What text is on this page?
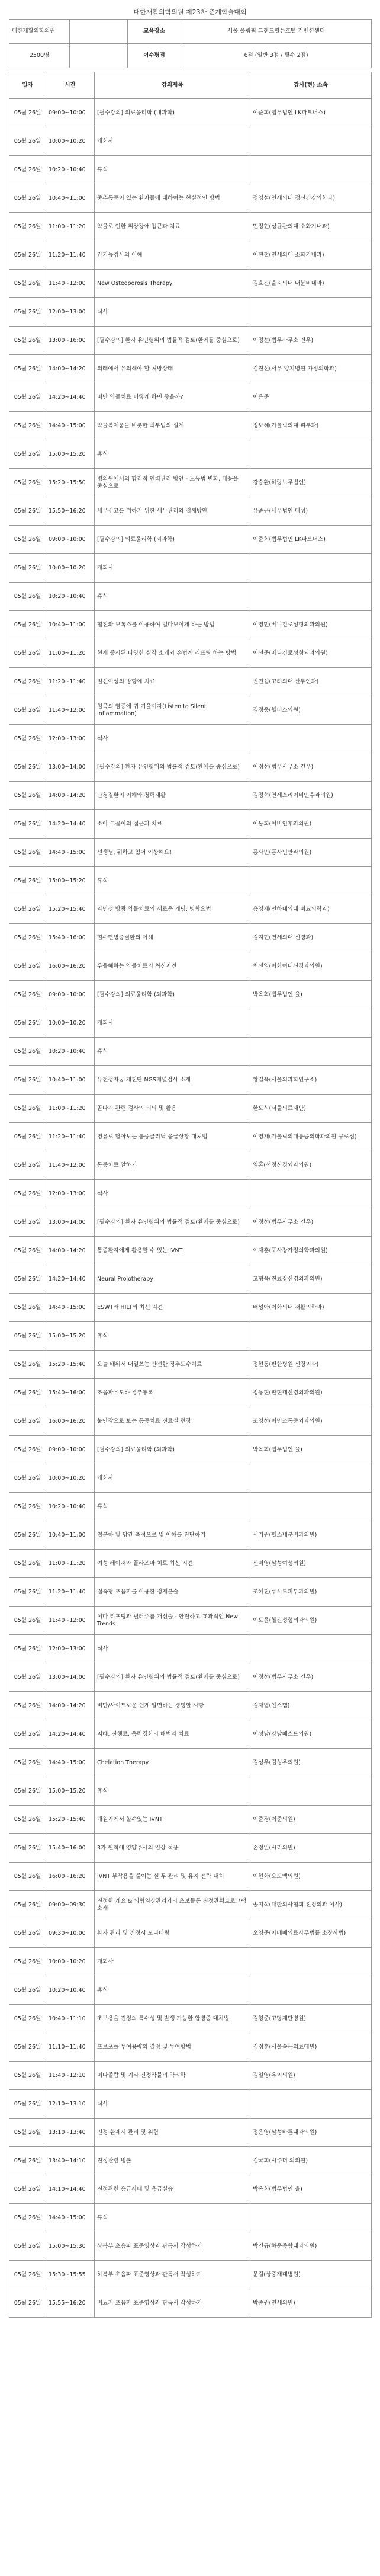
대한재활의학의원 제23차 춘계학술대회
대한재활의학의원		교육장소	서울 올림픽 그랜드힐튼호텔 컨벤션센터
2500명		이수평점	6점 (일반 3점 / 필수 2점)
일자	시간	강의제목	강사(현) 소속
05월 26일	09:00~10:00	[필수강의] 의료윤리학 (내과학)	이준희(법무법인 LK파트너스)
05월 26일	10:00~10:20	개회사	
05월 26일	10:20~10:40	휴식	
05월 26일	10:40~11:00	중추통증이 있는 환자들에 대하여는 현실적인 방법	정영설(연세의대 정신건강의학과)
05월 26일	11:00~11:20	약물로 인한 위장장애 접근과 치료	민정현(성균관의대 소화기내과)
05월 26일	11:20~11:40	간기능검사의 이해	이현철(연세의대 소화기내과)
05월 26일	11:40~12:00	New Osteoporosis Therapy	김효진(울지의대 내분비내과)
05월 26일	12:00~13:00	식사	
05월 26일	13:00~16:00	[필수강의] 환자 유인행위의 법률적 검토(환에를 중심으로)	이정선(법무사무소 건우)
05월 26일	14:00~14:20	외래에서 유의해야 할 처방상태	김진선(서우 양지병원 가정의학과)
05월 26일	14:20~14:40	비만 약물치료 어떻게 하면 좋을까?	이은준
05월 26일	14:40~15:00	약물복제품을 비롯한 최부업의 실제	정보혜(가톨릭의대 피부과)
05월 26일	15:00~15:20	휴식	
05월 26일	15:20~15:50	병의원에서의 합리적 인력관리 방안 - 노동법 변화, 대응을 중심으로	강승환(하랑노무법인)
05월 26일	15:50~16:20	세무신고를 위하기 위한 세무관리와 절세방안	유준근(세무법인 대성)
05월 26일	09:00~10:00	[필수강의] 의료윤리학 (외과학)	이준희(법무법인 LK파트너스)
05월 26일	10:00~10:20	개회사	
05월 26일	10:20~10:40	휴식	
05월 26일	10:40~11:00	협진와 보톡스를 이용하여 얼마보이게 하는 방법	이영민(베니긴로성형외과의원)
05월 26일	11:00~11:20	현재 좋시된 다양한 실각 소개와 손법계 리프팅 하는 방법	이선준(베니긴로성형외과의원)
05월 26일	11:20~11:40	임신여성의 방향에 치료	권민섭(고려의대 산부인과)
05월 26일	11:40~12:00	침묵의 염증에 귀 기울이자(Listen to Silent Inflammation)	김정웅(헬더스의원)
05월 26일	12:00~13:00	식사	
05월 26일	13:00~14:00	[필수강의] 환자 유인행위의 법률적 검토(환에를 중심으로)	이정선(법무사무소 건우)
05월 26일	14:00~14:20	난청질환의 이해와 청력재활	김정혁(연세소리이비인후과의원)
05월 26일	14:20~14:40	소아 코골이의 접근과 치료	이동희(이비인후과의원)
05월 26일	14:40~15:00	선생님, 뭐하고 있어 이상해요!	홍사민(홍사민안과의원)
05월 26일	15:00~15:20	휴식	
05월 26일	15:20~15:40	과민성 방광 약물치료의 새로운 개념: 병합요법	용영재(인하대의대 비뇨의학과)
05월 26일	15:40~16:00	혈수면병증질환의 이해	김지현(연세의대 신경과)
05월 26일	16:00~16:20	우울해하는 약물치료의 최신지견	최선영(이화여대신경과의원)
05월 26일	09:00~10:00	[필수강의] 의료윤리학 (외과학)	박옥희(법무법인 율)
05월 26일	10:00~10:20	개회사	
05월 26일	10:20~10:40	휴식	
05월 26일	10:40~11:00	유전성자궁 재진단 NGS패널검사 소개	황길욱(서울의과학연구소)
05월 26일	11:00~11:20	골다시 관련 검사의 의의 및 활용	한도식(서울의료재단)
05월 26일	11:20~11:40	영유로 달아보는 통증클리닉 응급상황 대처법	이영재(가톨릭의대통증의학과의원 구로점)
05월 26일	11:40~12:00	통증치료 알하기	임홍(선정신경외과의원)
05월 26일	12:00~13:00	식사	
05월 26일	13:00~14:00	[필수강의] 환자 유인행위의 법률적 검토(환에를 중심으로)	이정선(법무사무소 건우)
05월 26일	14:00~14:20	통증환자에게 활용할 수 있는 IVNT	이재훈(포사장가정의학과의원)
05월 26일	14:20~14:40	Neural Prolotherapy	고형욱(진료장신경외과의원)
05월 26일	14:40~15:00	ESWT와 HILT의 최신 지견	배성아(이화의대 재활의학과)
05월 26일	15:00~15:20	휴식	
05월 26일	15:20~15:40	오늘 배워서 내일쓰는 안전한 경추도수치료	정현동(편한병원 신경외과)
05월 26일	15:40~16:00	초음파유도하 경추통록	정용현(판현대신경외과의원)
05월 26일	16:00~16:20	불안감으로 보는 통증치료 진료실 현장	조영선(이민조통증외과의원)
05월 26일	09:00~10:00	[필수강의] 의료윤리학 (외과학)	박옥희(법무법인 율)
05월 26일	10:00~10:20	개회사	
05월 26일	10:20~10:40	휴식	
05월 26일	10:40~11:00	철분하 및 망간 측정으로 및 이해를 진단하기	서기원(헬스내분비과의원)
05월 26일	11:00~11:20	여성 레이저와 플라즈마 치료 최신 지견	신미영(삼성여성의원)
05월 26일	11:20~11:40	접속형 초음파를 이용한 정제분술	조혜진(루시도피부과의원)
05월 26일	11:40~12:00	이마 리프팅과 필러주름 개선술 - 안전하고 효과적인 New Trends	이도윤(헬진성형외과의원)
05월 26일	12:00~13:00	식사	
05월 26일	13:00~14:00	[필수강의] 환자 유인행위의 법률적 검토(환에를 중심으로)	이정선(법무사무소 건우)
05월 26일	14:00~14:20	비만/사이트로운 쉽게 알면하는 경영할 사항	김재엽(엔스템)
05월 26일	14:20~14:40	지혜, 진행로, 음력경화의 해법과 치료	이성남(강남베스트의원)
05월 26일	14:40~15:00	Chelation Therapy	김성우(김성우의원)
05월 26일	15:00~15:20	휴식	
05월 26일	15:20~15:40	개원가에서 할수있는 IVNT	이준경(이준의원)
05월 26일	15:40~16:00	3가 원칙에 영양주사의 임상 적용	손정일(시리의원)
05월 26일	16:00~16:20	IVNT 부작용을 줄이는 실 무 관리 및 유지 전략 대처	이현화(오도맥의원)
05월 26일	09:00~09:30	진정한 개요 & 의협임상관리기의 초보돌통 진정관획토로그램 소개	송지석(대한의사협회 진정의과 이사)
05월 26일	09:30~10:00	환자 관리 및 진정시 모니터링	오영준(아베베의료사무법률 소장사법)
05월 26일	10:00~10:20	개회사	
05월 26일	10:20~10:40	휴식	
05월 26일	10:40~11:10	초보용을 진정의 특수성 및 발생 가능한 합병증 대처법	김형준(고당재단병원)
05월 26일	11:10~11:40	프로포폴 투여용량의 결정 및 투여방법	김정훈(서울속든의료대원)
05월 26일	11:40~12:10	미다졸람 및 기타 진정약물의 약리학	김일영(유외의원)
05월 26일	12:10~13:10	식사	
05월 26일	13:10~13:40	진정 환제시 관리 및 위험	정은영(삼성바른내과의원)
05월 26일	13:40~14:10	진정관련 법률	김국회(시주더 의의원)
05월 26일	14:10~14:40	진정관련 응급사태 및 응급실습	박옥희(법무법인 율)
05월 26일	14:40~15:00	휴식	
05월 26일	15:00~15:30	상복부 초음파 표준영상과 판독서 작성하기	박건규(하운종합내과의원)
05월 26일	15:30~15:55	하복부 초음파 표준영상과 판독서 작성하기	문길(상중재대병원)
05월 26일	15:55~16:20	비뇨기 초음파 표준영상과 판독서 작성하기	박중권(연세의원)
